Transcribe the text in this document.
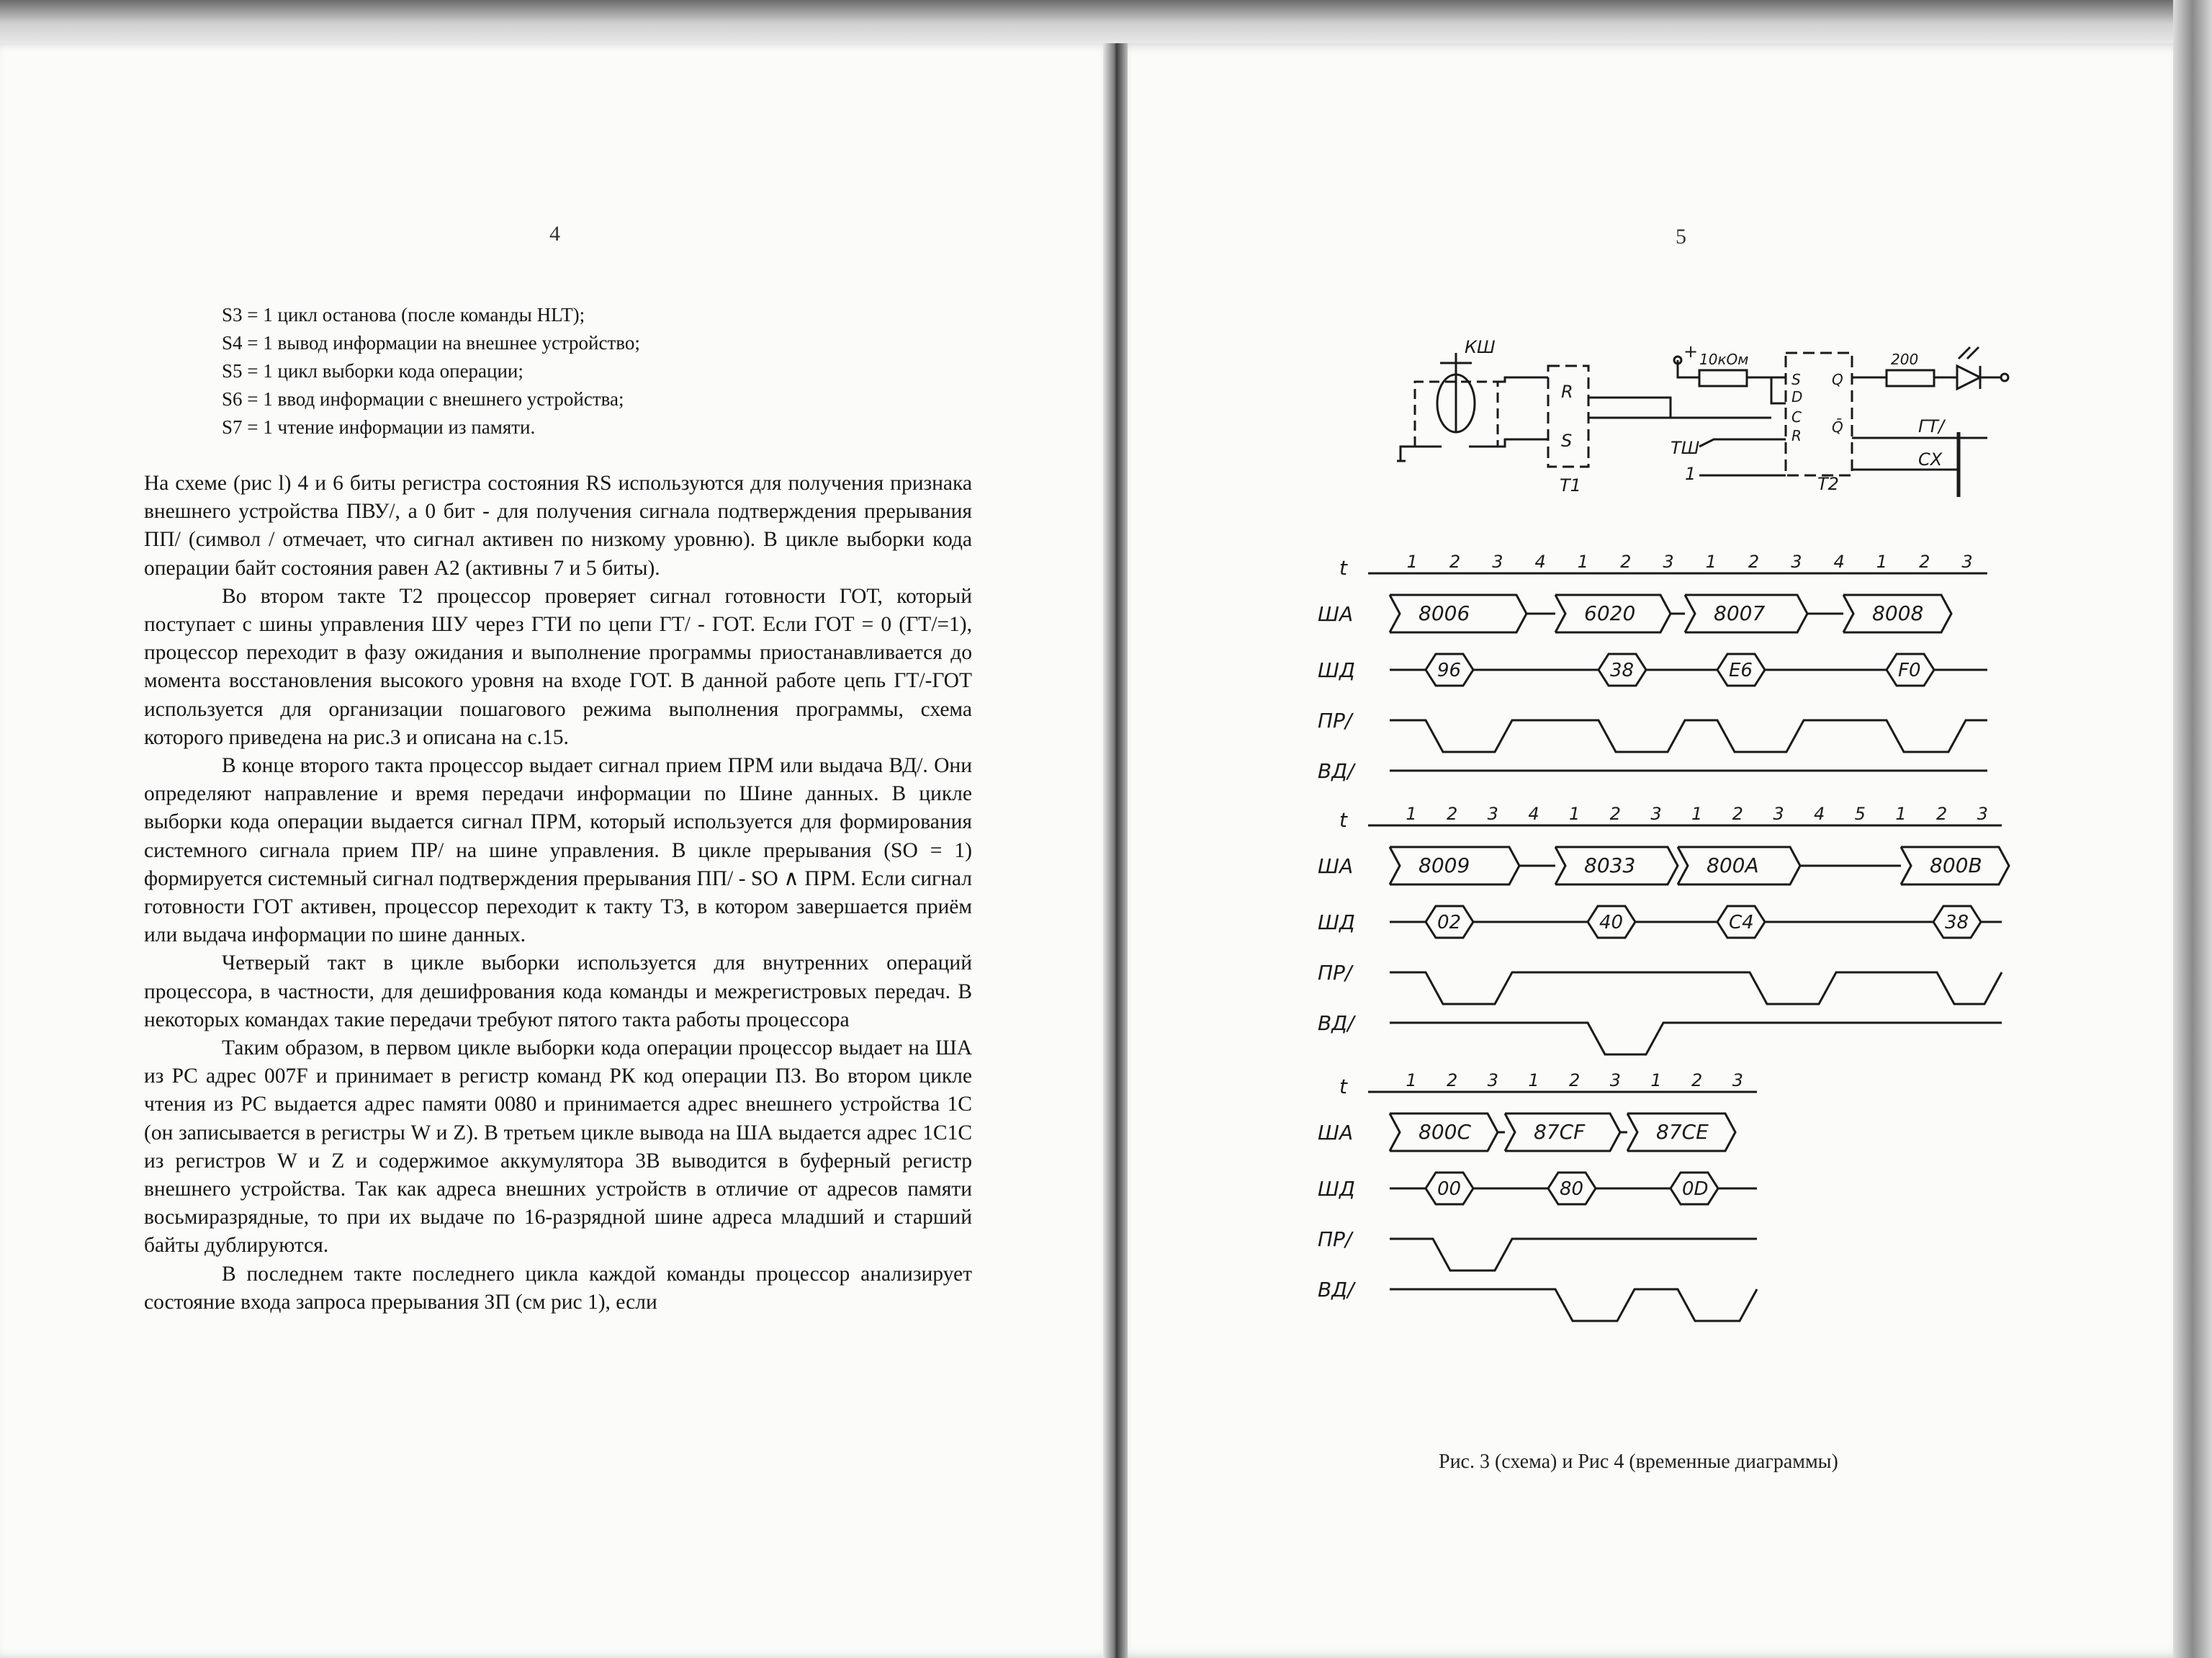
4
S3 = 1 цикл останова (после команды HLT);
S4 = 1 вывод информации на внешнее устройство;
S5 = 1 цикл выборки кода операции;
S6 = 1 ввод информации с внешнего устройства;
S7 = 1 чтение информации из памяти.

На схеме (рис l) 4 и 6 биты регистра состояния RS используются для получения признака внешнего устройства ПВУ/, а 0 бит - для получения сигнала подтверждения прерывания ПП/ (символ / отмечает, что сигнал активен по низкому уровню). В цикле выборки кода операции байт состояния равен А2 (активны 7 и 5 биты).

Во втором такте Т2 процессор проверяет сигнал готовности ГОТ, который поступает с шины управления ШУ через ГТИ по цепи ГТ/ - ГОТ. Если ГОТ = 0 (ГТ/=1), процессор переходит в фазу ожидания и выполнение программы приостанавливается до момента восстановления высокого уровня на входе ГОТ. В данной работе цепь ГТ/-ГОТ используется для организации пошагового режима выполнения программы, схема которого приведена на рис.3 и описана на с.15.

В конце второго такта процессор выдает сигнал прием ПРМ или выдача ВД/. Они определяют направление и время передачи информации по Шине данных. В цикле выборки кода операции выдается сигнал ПРМ, который используется для формирования системного сигнала прием ПР/ на шине управления. В цикле прерывания (SO = 1) формируется системный сигнал подтверждения прерывания ПП/ - SO ∧ ПРМ. Если сигнал готовности ГОТ активен, процессор переходит к такту ТЗ, в котором завершается приём или выдача информации по шине данных.

Четверый такт в цикле выборки используется для внутренних операций процессора, в частности, для дешифрования кода команды и межрегистровых передач. В некоторых командах такие передачи требуют пятого такта работы процессора

Таким образом, в первом цикле выборки кода операции процессор выдает на ША из PC адрес 007F и принимает в регистр команд РК код операции ПЗ. Во втором цикле чтения из PC выдается адрес памяти 0080 и принимается адрес внешнего устройства 1C (он записывается в регистры W и Z). В третьем цикле вывода на ША выдается адрес 1C1C из регистров W и Z и содержимое аккумулятора 3В выводится в буферный регистр внешнего устройства. Так как адреса внешних устройств в отличие от адресов памяти восьмиразрядные, то при их выдаче по 16-разрядной шине адреса младший и старший байты дублируются.

В последнем такте последнего цикла каждой команды процессор анализирует состояние входа запроса прерывания ЗП (см рис 1), если

5
КШ
R
S
Т1
+ 10кОм
S
D
C
R
Q
Q̄
ТШ
1	Т2
200
ГТ/
СХ
t
ША
ШД
ПР/
ВД/
1 2 3 4 1 2 3 1 2 3 4 1 2 3
8006	6020	8007	8008
96	38	E6	F0
t
ША
ШД
ПР/
ВД/
1 2 3 4 1 2 3 1 2 3 4 5 1 2 3
8009	8033	800A	800B
02	40	C4	38
t
ША
ШД
ПР/
ВД/
1 2 3 1 2 3 1 2 3
800C	87CF	87CE
00	80	0D
Рис. 3 (схема) и Рис 4 (временные диаграммы)
